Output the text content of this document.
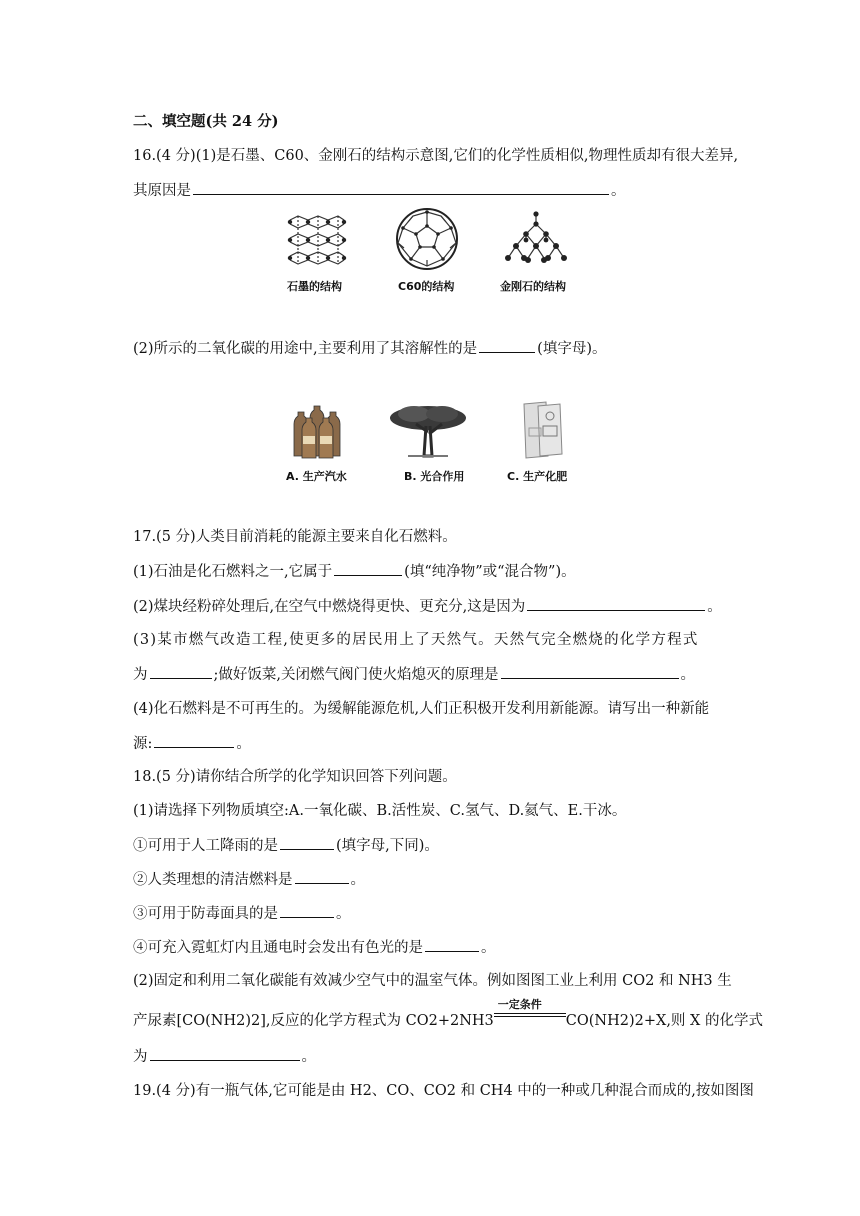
二、填空题(共 24 分)
16.(4 分)(1)是石墨、C60、金刚石的结构示意图,它们的化学性质相似,物理性质却有很大差异,
其原因是	。
石墨的结构	C60的结构	金刚石的结构
(2)所示的二氧化碳的用途中,主要利用了其溶解性的是	(填字母)。
A. 生产汽水	B. 光合作用	C. 生产化肥
17.(5 分)人类目前消耗的能源主要来自化石燃料。
(1)石油是化石燃料之一,它属于	(填“纯净物”或“混合物”)。
(2)煤块经粉碎处理后,在空气中燃烧得更快、更充分,这是因为	。
(3)某市燃气改造工程,使更多的居民用上了天然气。天然气完全燃烧的化学方程式
为	;做好饭菜,关闭燃气阀门使火焰熄灭的原理是	。
(4)化石燃料是不可再生的。为缓解能源危机,人们正积极开发利用新能源。请写出一种新能
源:	。
18.(5 分)请你结合所学的化学知识回答下列问题。
(1)请选择下列物质填空:A.一氧化碳、B.活性炭、C.氢气、D.氦气、E.干冰。
①可用于人工降雨的是	(填字母,下同)。
②人类理想的清洁燃料是	。
③可用于防毒面具的是	。
④可充入霓虹灯内且通电时会发出有色光的是	。
(2)固定和利用二氧化碳能有效减少空气中的温室气体。例如图图工业上利用 CO2 和 NH3 生
产尿素[CO(NH2)2],反应的化学方程式为 CO2+2NH3
一定条件
CO(NH2)2+X,则 X 的化学式
为	。
19.(4 分)有一瓶气体,它可能是由 H2、CO、CO2 和 CH4 中的一种或几种混合而成的,按如图图
